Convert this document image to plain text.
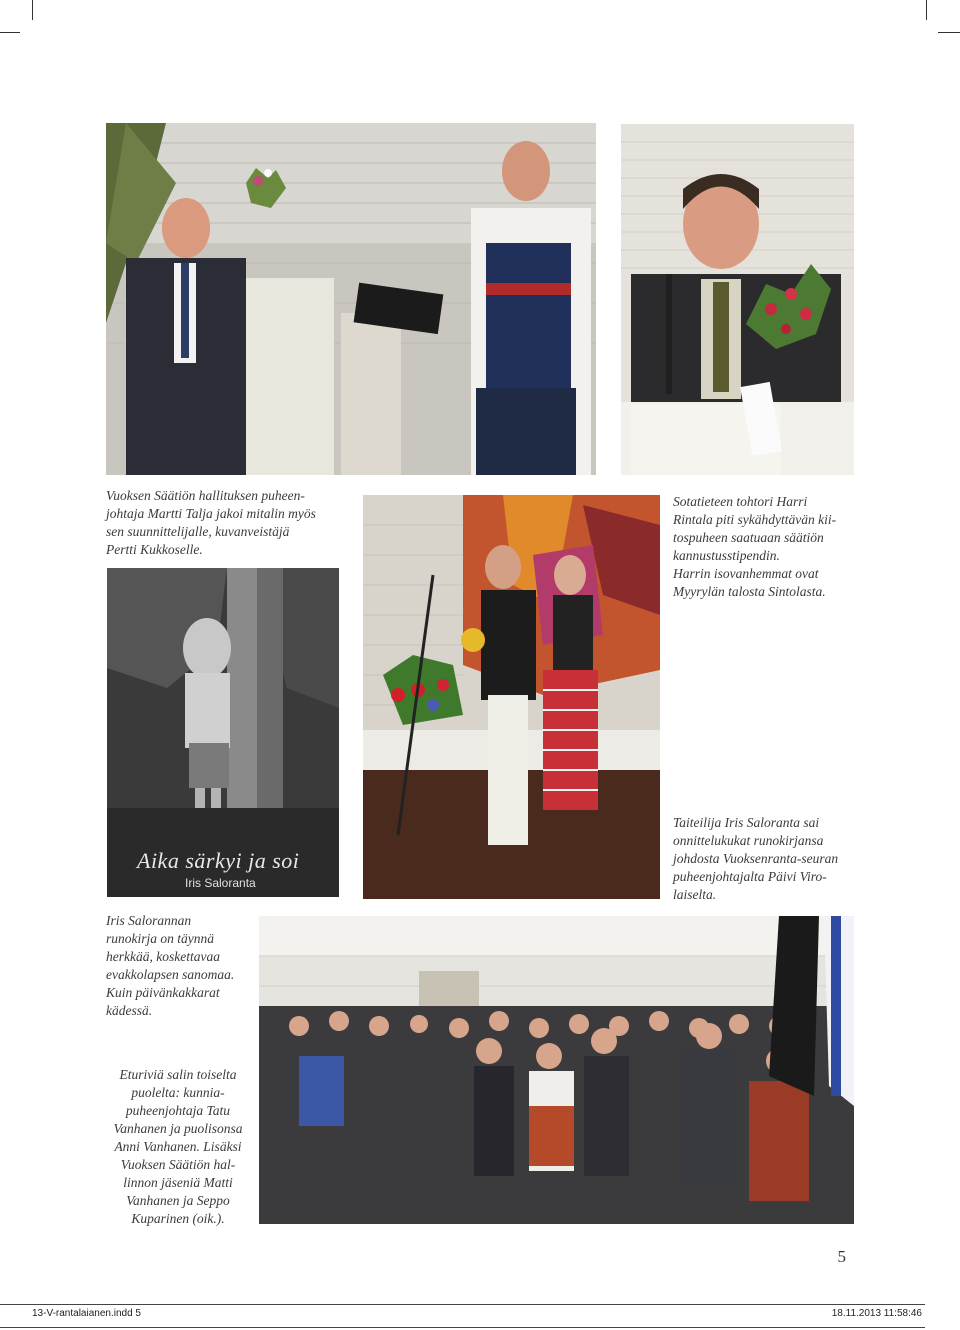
Vuoksen Säätiön hallituksen puheen-
johtaja Martti Talja jakoi mitalin myös
sen suunnittelijalle, kuvanveistäjä
Pertti Kukkoselle.
Sotatieteen tohtori Harri
Rintala piti sykähdyttävän kii-
tospuheen saatuaan säätiön
kannustusstipendin.
Harrin isovanhemmat ovat
Myyrylän talosta Sintolasta.
Aika särkyi ja soi
Iris Saloranta
Taiteilija Iris Saloranta sai
onnittelukukat runokirjansa
johdosta Vuoksenranta-seuran
puheenjohtajalta Päivi Viro-
laiselta.
Iris Salorannan
runokirja on täynnä
herkkää, koskettavaa
evakkolapsen sanomaa.
Kuin päivänkakkarat
kädessä.
Eturiviä salin toiselta
puolelta: kunnia-
puheenjohtaja Tatu
Vanhanen ja puolisonsa
Anni Vanhanen. Lisäksi
Vuoksen Säätiön hal-
linnon jäseniä Matti
Vanhanen ja Seppo
Kuparinen (oik.).
5
13-V-rantalaianen.indd 5	18.11.2013 11:58:46
